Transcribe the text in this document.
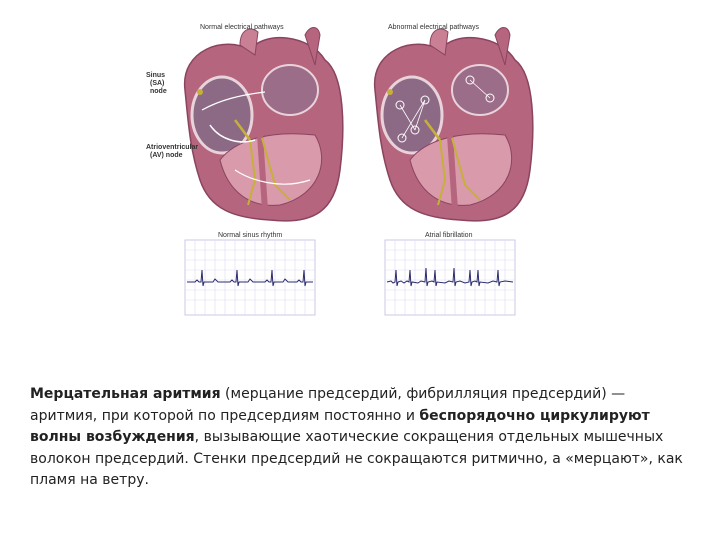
Normal electrical pathways	Abnormal electrical pathways
Sinus
(SA)
node
Atrioventricular
(AV) node
Normal sinus rhythm	Atrial fibrillation

Мерцательная аритмия (мерцание предсердий, фибрилляция предсердий) — аритмия, при которой по предсердиям постоянно и беспорядочно циркулируют волны возбуждения, вызывающие хаотические сокращения отдельных мышечных волокон предсердий. Стенки предсердий не сокращаются ритмично, а «мерцают», как пламя на ветру.
